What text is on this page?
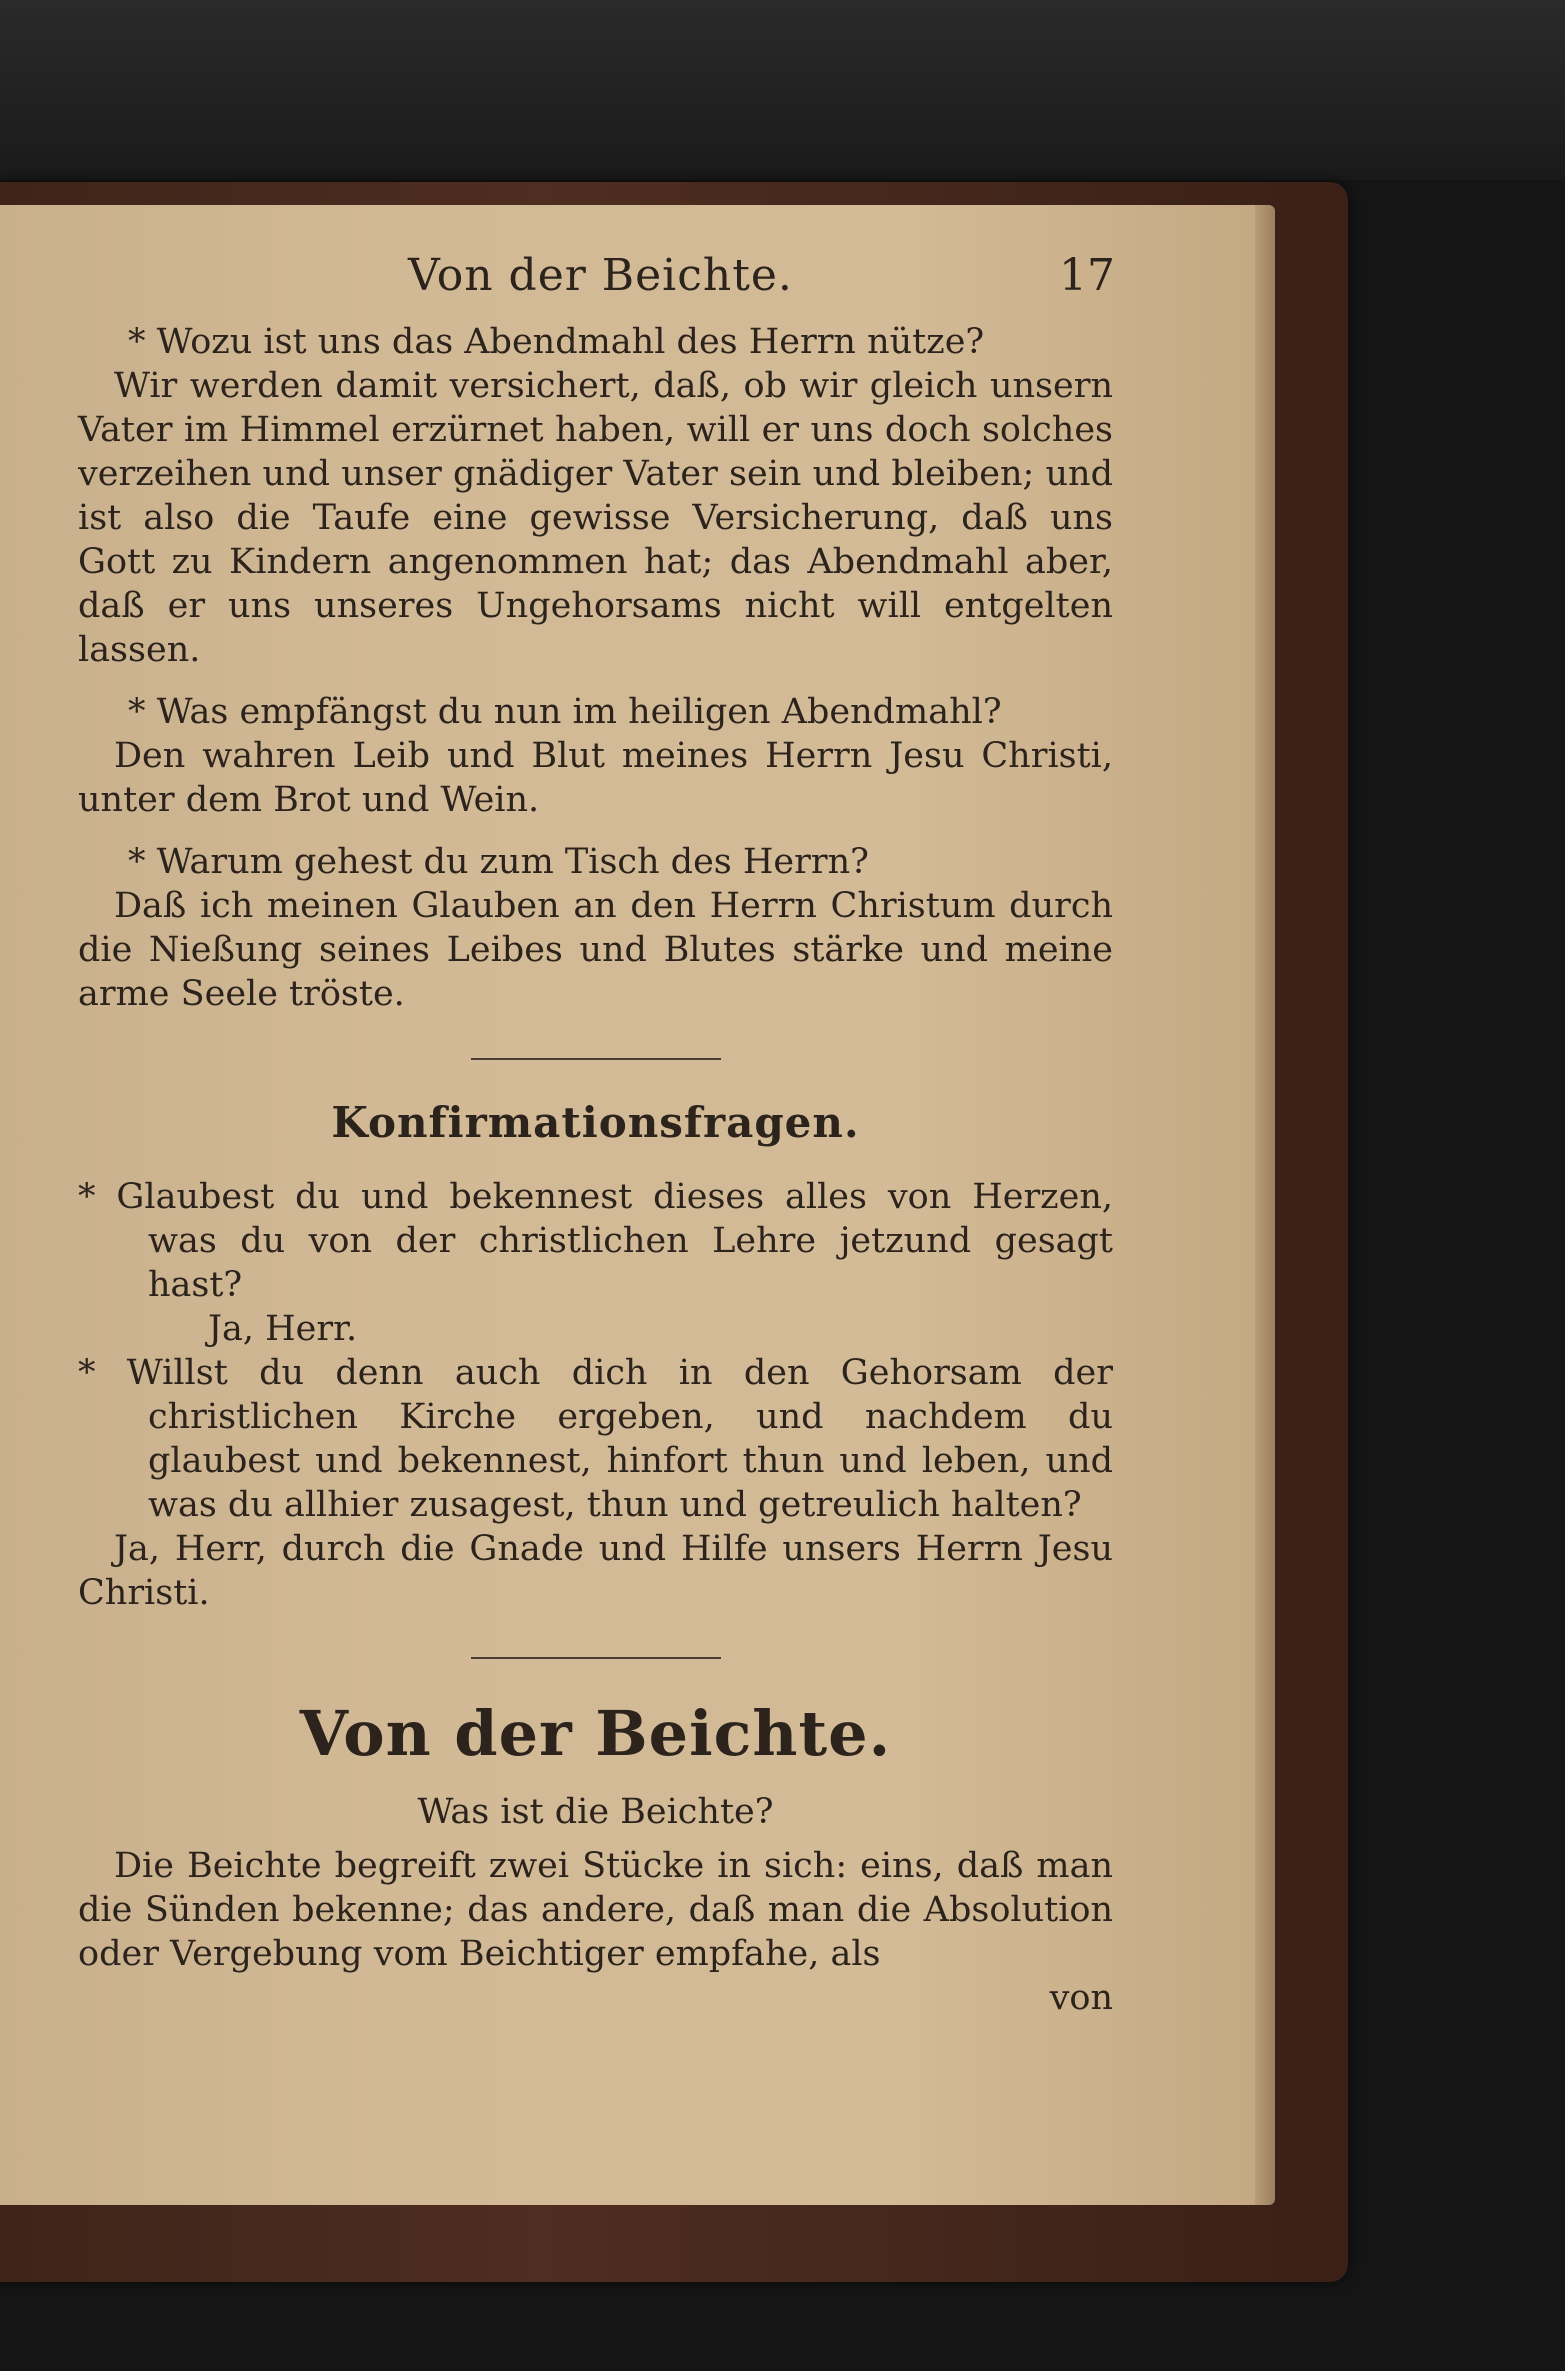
Von der Beichte.	17

* Wozu ist uns das Abendmahl des Herrn nütze?

Wir werden damit versichert, daß, ob wir gleich unsern Vater im Himmel erzürnet haben, will er uns doch solches verzeihen und unser gnädiger Vater sein und bleiben; und ist also die Taufe eine gewisse Versicherung, daß uns Gott zu Kindern angenommen hat; das Abendmahl aber, daß er uns unseres Ungehorsams nicht will entgelten lassen.

* Was empfängst du nun im heiligen Abendmahl?

Den wahren Leib und Blut meines Herrn Jesu Christi, unter dem Brot und Wein.

* Warum gehest du zum Tisch des Herrn?

Daß ich meinen Glauben an den Herrn Christum durch die Nießung seines Leibes und Blutes stärke und meine arme Seele tröste.

Konfirmationsfragen.

* Glaubest du und bekennest dieses alles von Herzen, was du von der christlichen Lehre jetzund gesagt hast?

Ja, Herr.

* Willst du denn auch dich in den Gehorsam der christlichen Kirche ergeben, und nachdem du glaubest und bekennest, hinfort thun und leben, und was du allhier zusagest, thun und getreulich halten?

Ja, Herr, durch die Gnade und Hilfe unsers Herrn Jesu Christi.

Von der Beichte.

Was ist die Beichte?

Die Beichte begreift zwei Stücke in sich: eins, daß man die Sünden bekenne; das andere, daß man die Absolution oder Vergebung vom Beichtiger empfahe, als

von
